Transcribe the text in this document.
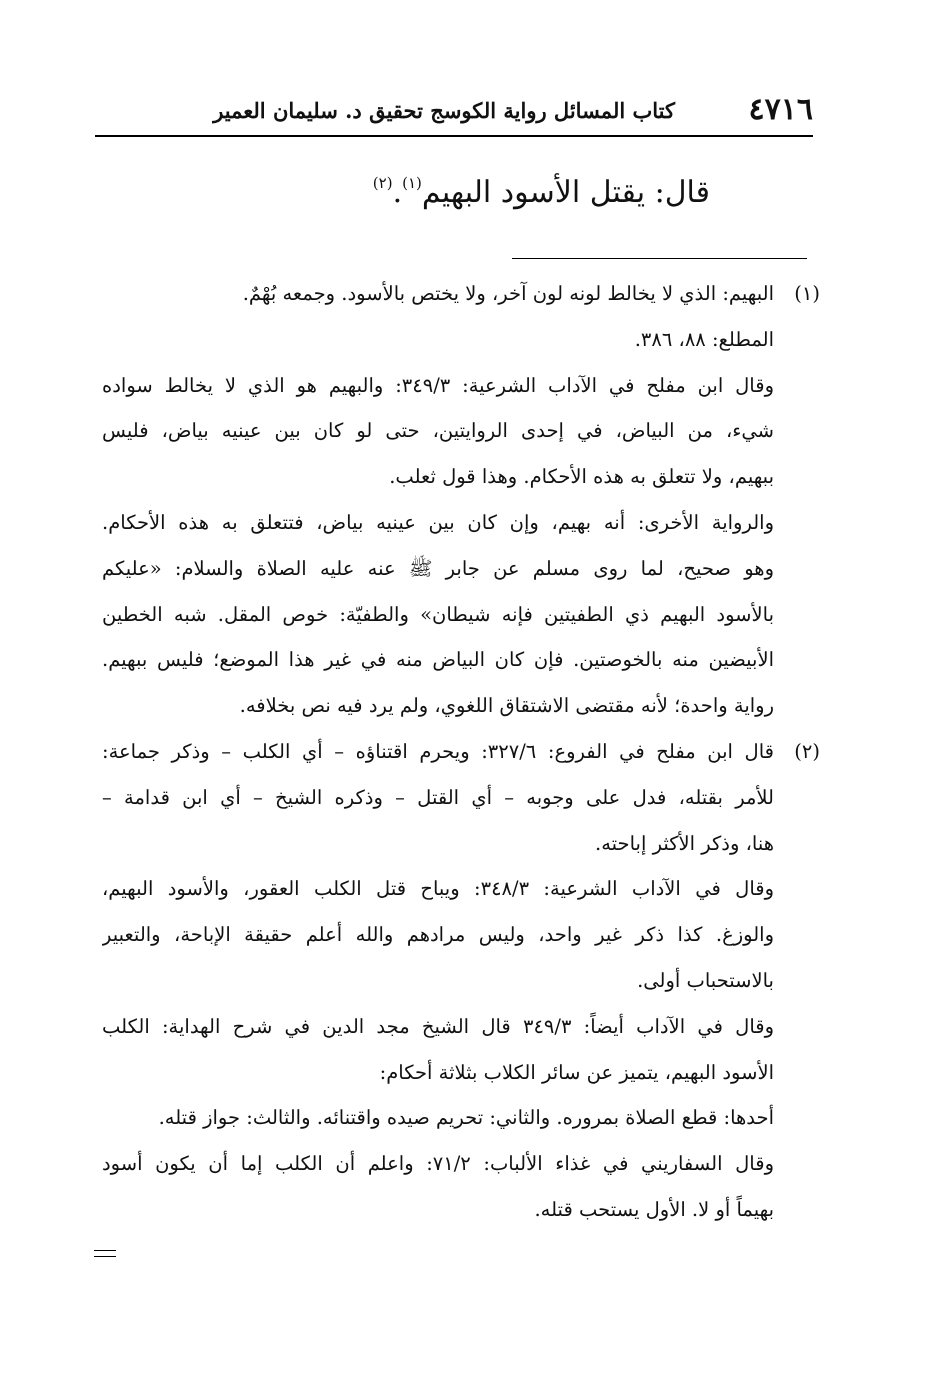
٤٧١٦
كتاب المسائل رواية الكوسج تحقيق د. سليمان العمير
قال: يقتل الأسود البهيم$^{(١)}$.$^{(٢)}$
(١)البهيم: الذي لا يخالط لونه لون آخر، ولا يختص بالأسود. وجمعه بُهْمٌ.
المطلع: ٨٨، ٣٨٦.
وقال ابن مفلح في الآداب الشرعية: ٣٤٩/٣: والبهيم هو الذي لا يخالط سواده
شيء، من البياض، في إحدى الروايتين، حتى لو كان بين عينيه بياض، فليس
ببهيم، ولا تتعلق به هذه الأحكام. وهذا قول ثعلب.
والرواية الأخرى: أنه بهيم، وإن كان بين عينيه بياض، فتتعلق به هذه الأحكام.
وهو صحيح، لما روى مسلم عن جابر ﷺ عنه عليه الصلاة والسلام: «عليكم
بالأسود البهيم ذي الطفيتين فإنه شيطان» والطفيّة: خوص المقل. شبه الخطين
الأبيضين منه بالخوصتين. فإن كان البياض منه في غير هذا الموضع؛ فليس ببهيم.
رواية واحدة؛ لأنه مقتضى الاشتقاق اللغوي، ولم يرد فيه نص بخلافه.
(٢)قال ابن مفلح في الفروع: ٣٢٧/٦: ويحرم اقتناؤه – أي الكلب – وذكر جماعة:
للأمر بقتله، فدل على وجوبه – أي القتل – وذكره الشيخ – أي ابن قدامة –
هنا، وذكر الأكثر إباحته.
وقال في الآداب الشرعية: ٣٤٨/٣: ويباح قتل الكلب العقور، والأسود البهيم،
والوزغ. كذا ذكر غير واحد، وليس مرادهم والله أعلم حقيقة الإباحة، والتعبير
بالاستحباب أولى.
وقال في الآداب أيضاً: ٣٤٩/٣ قال الشيخ مجد الدين في شرح الهداية: الكلب
الأسود البهيم، يتميز عن سائر الكلاب بثلاثة أحكام:
أحدها: قطع الصلاة بمروره. والثاني: تحريم صيده واقتنائه. والثالث: جواز قتله.
وقال السفاريني في غذاء الألباب: ٧١/٢: واعلم أن الكلب إما أن يكون أسود
بهيماً أو لا. الأول يستحب قتله.
